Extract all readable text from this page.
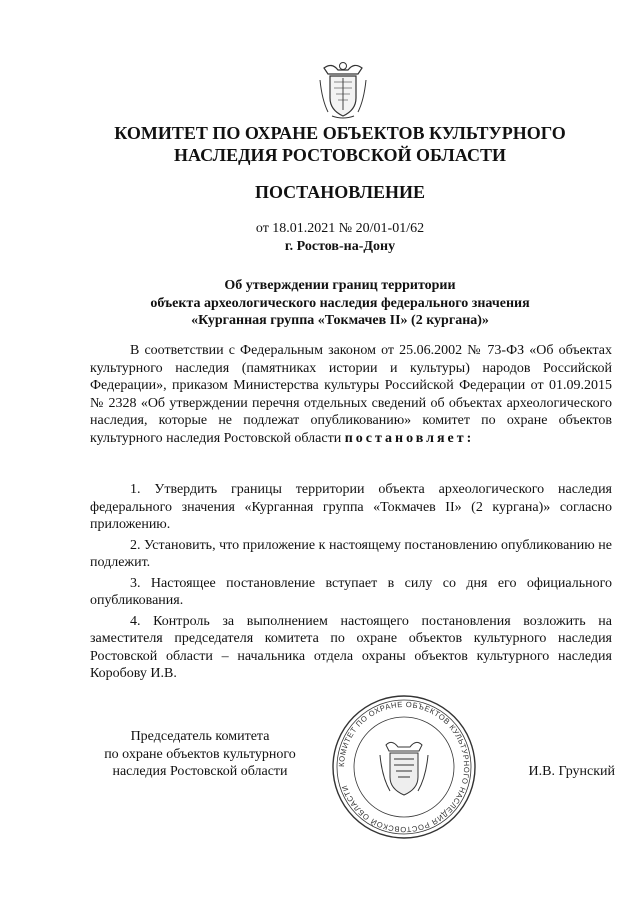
КОМИТЕТ ПО ОХРАНЕ ОБЪЕКТОВ КУЛЬТУРНОГО
НАСЛЕДИЯ РОСТОВСКОЙ ОБЛАСТИ
ПОСТАНОВЛЕНИЕ
от 18.01.2021 № 20/01-01/62
г. Ростов-на-Дону
Об утверждении границ территории
объекта археологического наследия федерального значения
«Курганная группа «Токмачев II» (2 кургана)»
В соответствии с Федеральным законом от 25.06.2002 № 73-ФЗ «Об объектах культурного наследия (памятниках истории и культуры) народов Российской Федерации», приказом Министерства культуры Российской Федерации от 01.09.2015 № 2328 «Об утверждении перечня отдельных сведений об объектах археологического наследия, которые не подлежат опубликованию» комитет по охране объектов культурного наследия Ростовской области постановляет:

1. Утвердить границы территории объекта археологического наследия федерального значения «Курганная группа «Токмачев II» (2 кургана)» согласно приложению.

2. Установить, что приложение к настоящему постановлению опубликованию не подлежит.

3. Настоящее постановление вступает в силу со дня его официального опубликования.

4. Контроль за выполнением настоящего постановления возложить на заместителя председателя комитета по охране объектов культурного наследия Ростовской области – начальника отдела охраны объектов культурного наследия Коробову И.В.

Председатель комитета
по охране объектов культурного
наследия Ростовской области	КОМИТЕТ ПО ОХРАНЕ ОБЪЕКТОВ КУЛЬТУРНОГО НАСЛЕДИЯ РОСТОВСКОЙ ОБЛАСТИ
И.В. Грунский
